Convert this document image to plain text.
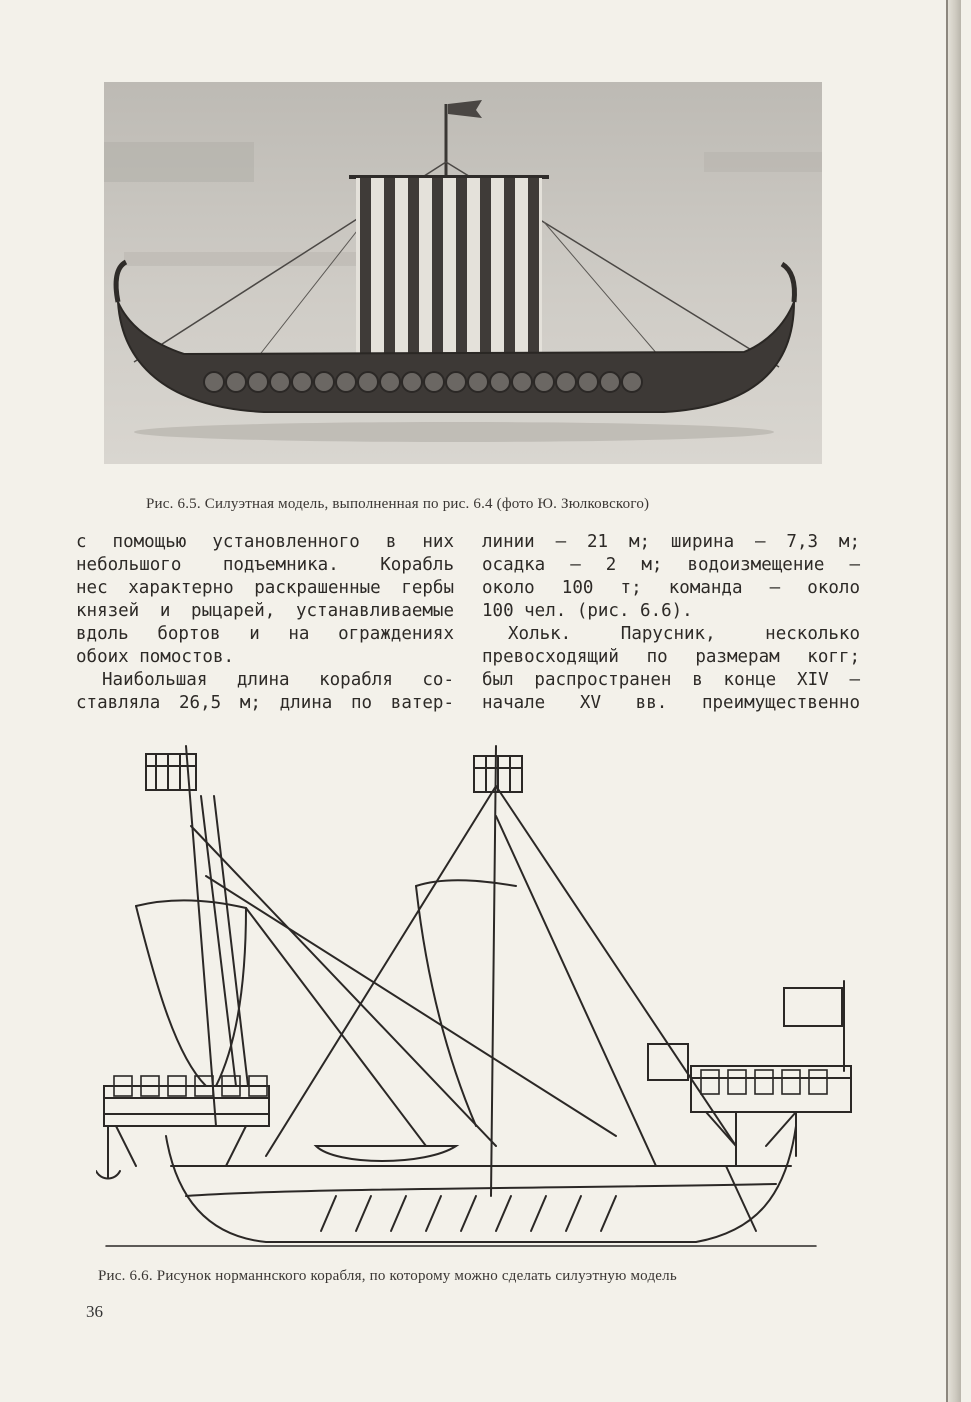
Рис. 6.5. Силуэтная модель, выполненная по рис. 6.4 (фото Ю. Зюлковского)
с помощью установленного в них
небольшого подъемника. Корабль
нес характерно раскрашенные гербы
князей и рыцарей, устанавливаемые
вдоль бортов и на ограждениях
обоих помостов.
Наибольшая длина корабля со-
ставляла 26,5 м; длина по ватер-
линии — 21 м; ширина — 7,3 м;
осадка — 2 м; водоизмещение —
около 100 т; команда — около
100 чел. (рис. 6.6).
Хольк. Парусник, несколько
превосходящий по размерам когг;
был распространен в конце XIV —
начале XV вв. преимущественно
Рис. 6.6. Рисунок норманнского корабля, по которому можно сделать силуэтную модель
36
